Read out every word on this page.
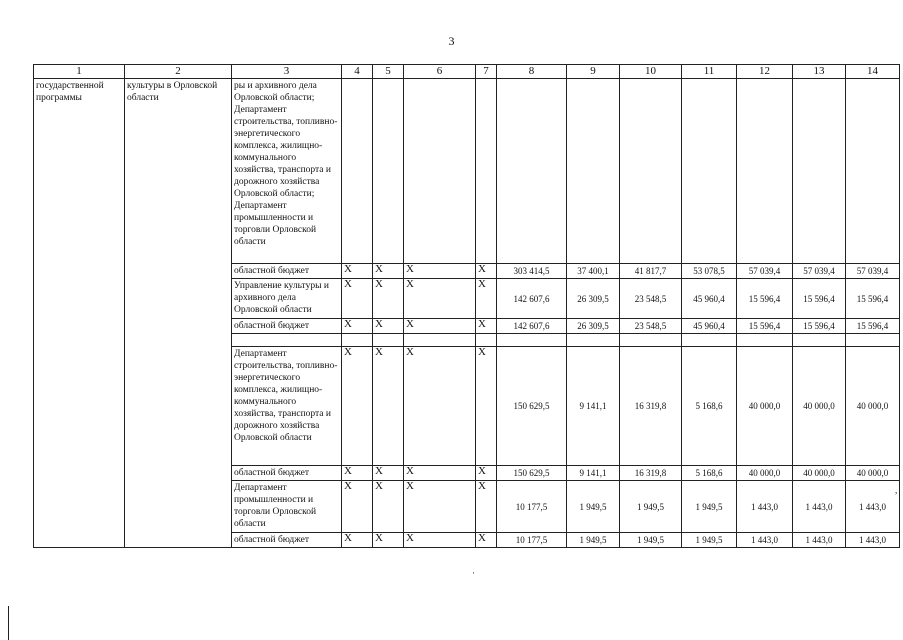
3
1	2	3	4	5	6	7	8	9	10	11	12	13	14
государственной программы	культуры в Орловской области	ры и архивного дела Орловской области; Департамент строительства, топливно-энергетического комплекса, жилищно-коммунального хозяйства, транспорта и дорожного хозяйства Орловской области; Департамент промышленности и торговли Орловской области											
		областной бюджет	X	X	X	X	303 414,5	37 400,1	41 817,7	53 078,5	57 039,4	57 039,4	57 039,4
		Управление культуры и архивного дела Орловской области	X	X	X	X	142 607,6	26 309,5	23 548,5	45 960,4	15 596,4	15 596,4	15 596,4
		областной бюджет	X	X	X	X	142 607,6	26 309,5	23 548,5	45 960,4	15 596,4	15 596,4	15 596,4

		Департамент строительства, топливно-энергетического комплекса, жилищно-коммунального хозяйства, транспорта и дорожного хозяйства Орловской области	X	X	X	X	150 629,5	9 141,1	16 319,8	5 168,6	40 000,0	40 000,0	40 000,0
		областной бюджет	X	X	X	X	150 629,5	9 141,1	16 319,8	5 168,6	40 000,0	40 000,0	40 000,0
		Департамент промышленности и торговли Орловской области	X	X	X	X	10 177,5	1 949,5	1 949,5	1 949,5	1 443,0	1 443,0	1 443,0
		областной бюджет	X	X	X	X	10 177,5	1 949,5	1 949,5	1 949,5	1 443,0	1 443,0	1 443,0
·
,
